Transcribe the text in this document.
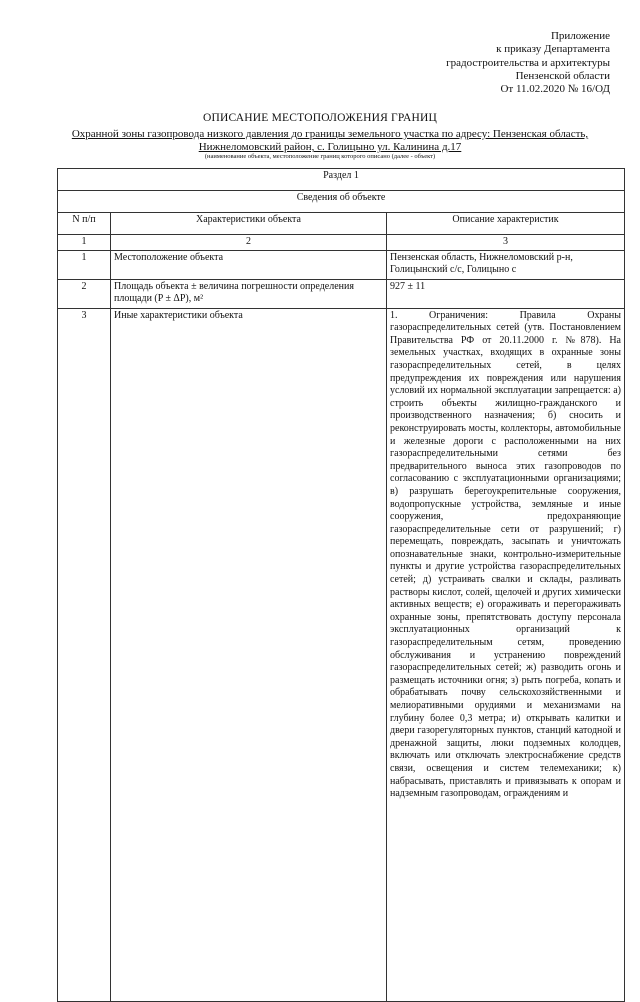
Приложение
к приказу Департамента
градостроительства и архитектуры
Пензенской области
От 11.02.2020 № 16/ОД
ОПИСАНИЕ МЕСТОПОЛОЖЕНИЯ ГРАНИЦ
Охранной зоны газопровода низкого давления до границы земельного участка по адресу: Пензенская область, Нижнеломовский район, с. Голицыно ул. Калинина д.17
(наименование объекта, местоположение границ которого описано (далее - объект)
Раздел 1		
Сведения об объекте		
N п/п	Характеристики объекта	Описание характеристик
1	2	3
1	Местоположение объекта	Пензенская область, Нижнеломовский р-н, Голицынский с/с, Голицыно с
2	Площадь объекта ± величина погрешности определения площади (P ± ΔP), м²	927 ± 11
3	Иные характеристики объекта	1. Ограничения: Правила Охраны газораспределительных сетей (утв. Постановлением Правительства РФ от 20.11.2000 г. №878). На земельных участках, входящих в охранные зоны газораспределительных сетей, в целях предупреждения их повреждения или нарушения условий их нормальной эксплуатации запрещается: а) строить объекты жилищно-гражданского и производственного назначения; б) сносить и реконструировать мосты, коллекторы, автомобильные и железные дороги с расположенными на них газораспределительными сетями без предварительного выноса этих газопроводов по согласованию с эксплуатационными организациями; в) разрушать берегоукрепительные сооружения, водопропускные устройства, земляные и иные сооружения, предохраняющие газораспределительные сети от разрушений; г) перемещать, повреждать, засыпать и уничтожать опознавательные знаки, контрольно-измерительные пункты и другие устройства газораспределительных сетей; д) устраивать свалки и склады, разливать растворы кислот, солей, щелочей и других химически активных веществ; е) огораживать и перегораживать охранные зоны, препятствовать доступу персонала эксплуатационных организаций к газораспределительным сетям, проведению обслуживания и устранению повреждений газораспределительных сетей; ж) разводить огонь и размещать источники огня; з) рыть погреба, копать и обрабатывать почву сельскохозяйственными и мелиоративными орудиями и механизмами на глубину более 0,3 метра; и) открывать калитки и двери газорегуляторных пунктов, станций катодной и дренажной защиты, люки подземных колодцев, включать или отключать электроснабжение средств связи, освещения и систем телемеханики; к) набрасывать, приставлять и привязывать к опорам и надземным газопроводам, ограждениям и
